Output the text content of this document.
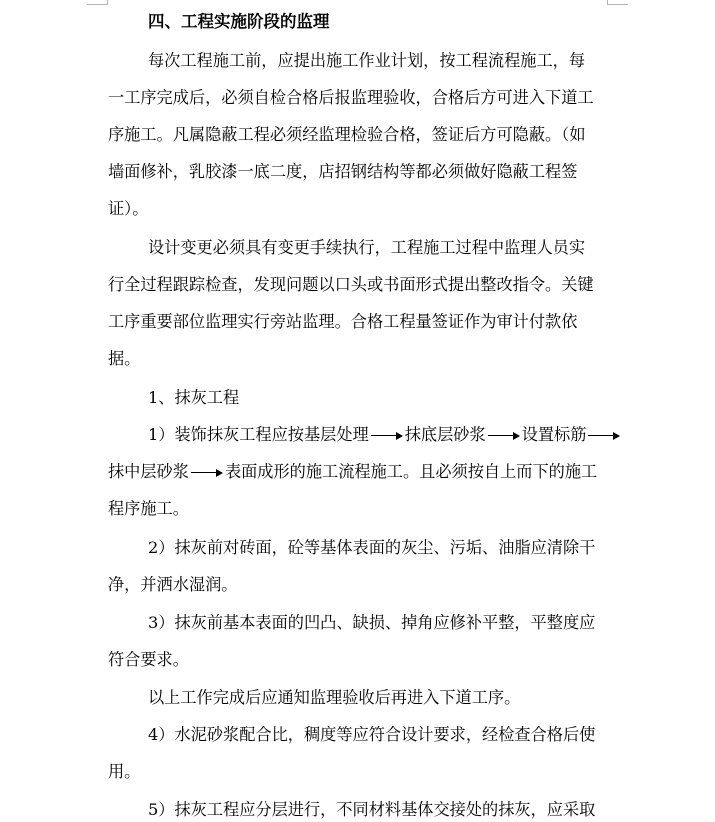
四、工程实施阶段的监理
每次工程施工前，应提出施工作业计划，按工程流程施工，每
一工序完成后，必须自检合格后报监理验收，合格后方可进入下道工
序施工。凡属隐蔽工程必须经监理检验合格，签证后方可隐蔽。（如
墙面修补，乳胶漆一底二度，店招钢结构等都必须做好隐蔽工程签
证）。
设计变更必须具有变更手续执行，工程施工过程中监理人员实
行全过程跟踪检查，发现问题以口头或书面形式提出整改指令。关键
工序重要部位监理实行旁站监理。合格工程量签证作为审计付款依
据。
1、抹灰工程
1）装饰抹灰工程应按基层处理 抹底层砂浆 设置标筋
抹中层砂浆 表面成形的施工流程施工。且必须按自上而下的施工
程序施工。
2）抹灰前对砖面，砼等基体表面的灰尘、污垢、油脂应清除干
净，并洒水湿润。
3）抹灰前基本表面的凹凸、缺损、掉角应修补平整，平整度应
符合要求。
以上工作完成后应通知监理验收后再进入下道工序。
4）水泥砂浆配合比，稠度等应符合设计要求，经检查合格后使
用。
5）抹灰工程应分层进行，不同材料基体交接处的抹灰，应采取
